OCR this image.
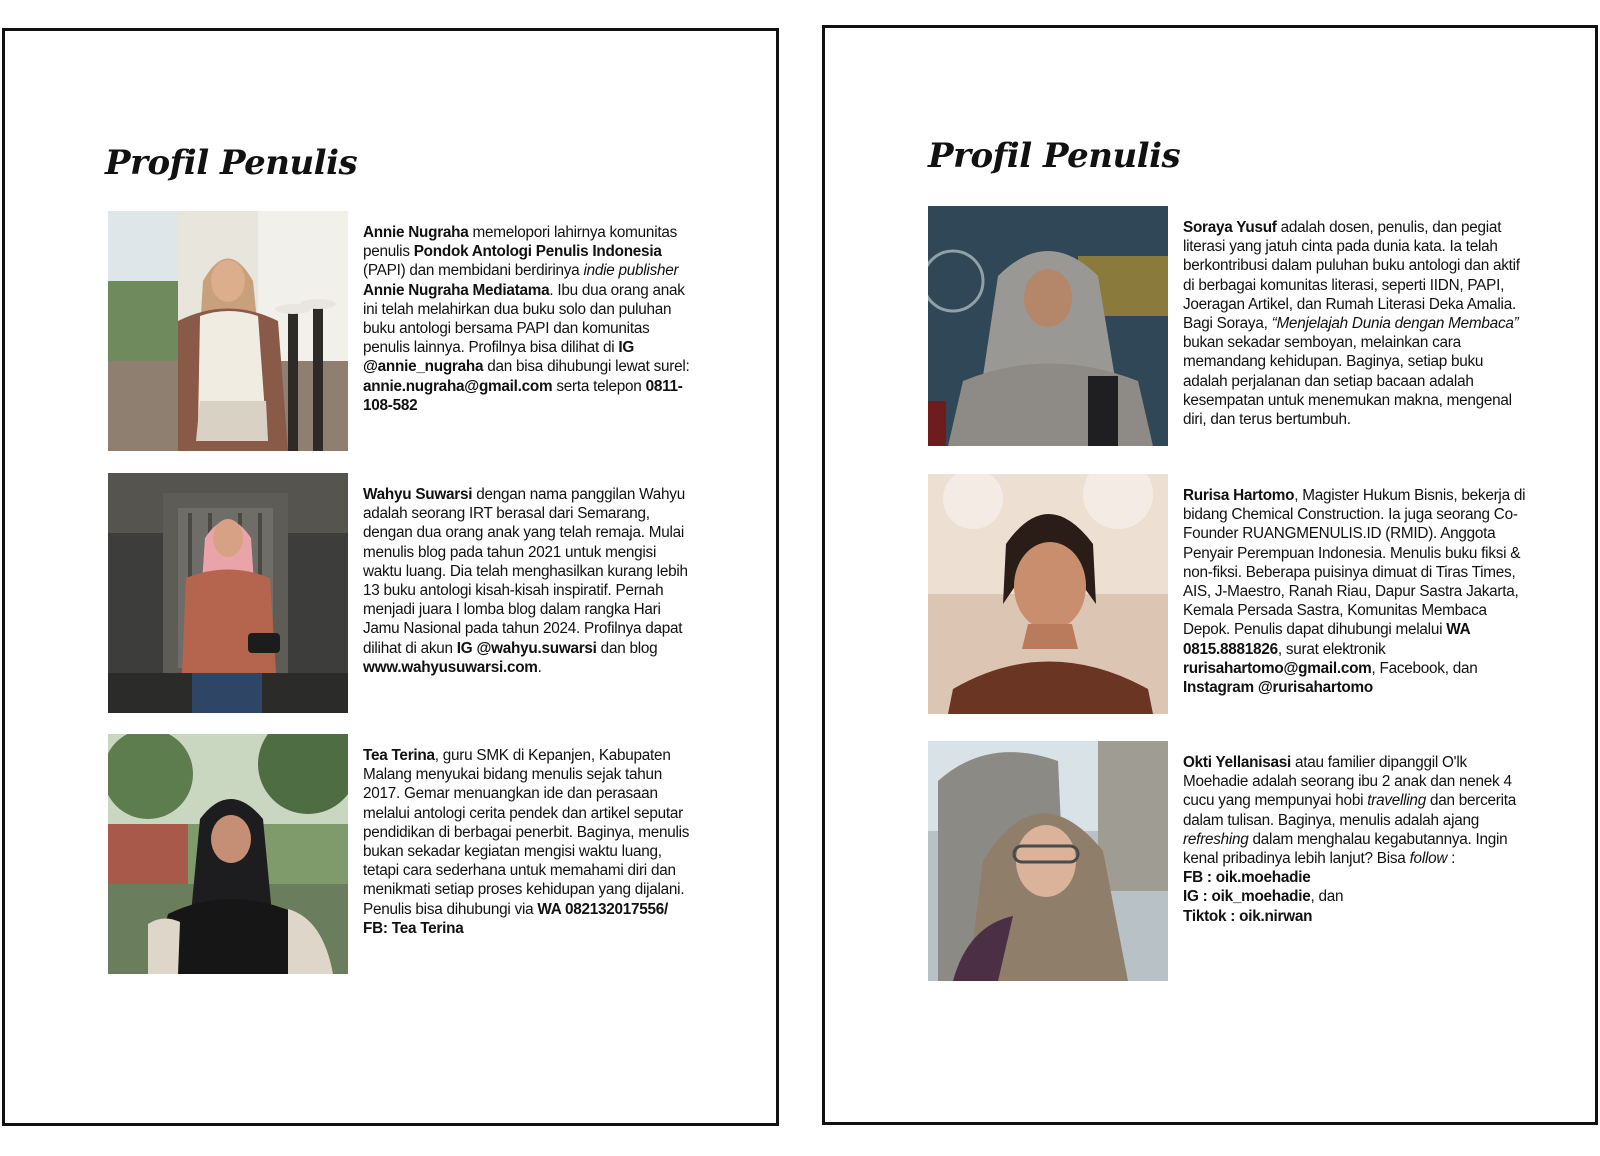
Profil Penulis

Annie Nugraha memelopori lahirnya komunitas penulis Pondok Antologi Penulis Indonesia (PAPI) dan membidani berdirinya indie publisher Annie Nugraha Mediatama. Ibu dua orang anak ini telah melahirkan dua buku solo dan puluhan buku antologi bersama PAPI dan komunitas penulis lainnya. Profilnya bisa dilihat di IG @annie_nugraha dan bisa dihubungi lewat surel: annie.nugraha@gmail.com serta telepon 0811-108-582

Wahyu Suwarsi dengan nama panggilan Wahyu adalah seorang IRT berasal dari Semarang, dengan dua orang anak yang telah remaja. Mulai menulis blog pada tahun 2021 untuk mengisi waktu luang. Dia telah menghasilkan kurang lebih 13 buku antologi kisah-kisah inspiratif. Pernah menjadi juara I lomba blog dalam rangka Hari Jamu Nasional pada tahun 2024. Profilnya dapat dilihat di akun IG @wahyu.suwarsi dan blog www.wahyusuwarsi.com.

Tea Terina, guru SMK di Kepanjen, Kabupaten Malang menyukai bidang menulis sejak tahun 2017. Gemar menuangkan ide dan perasaan melalui antologi cerita pendek dan artikel seputar pendidikan di berbagai penerbit. Baginya, menulis bukan sekadar kegiatan mengisi waktu luang, tetapi cara sederhana untuk memahami diri dan menikmati setiap proses kehidupan yang dijalani. Penulis bisa dihubungi via WA 082132017556/
FB: Tea Terina

Profil Penulis

Soraya Yusuf adalah dosen, penulis, dan pegiat literasi yang jatuh cinta pada dunia kata. Ia telah berkontribusi dalam puluhan buku antologi dan aktif di berbagai komunitas literasi, seperti IIDN, PAPI, Joeragan Artikel, dan Rumah Literasi Deka Amalia. Bagi Soraya, “Menjelajah Dunia dengan Membaca” bukan sekadar semboyan, melainkan cara memandang kehidupan. Baginya, setiap buku adalah perjalanan dan setiap bacaan adalah kesempatan untuk menemukan makna, mengenal diri, dan terus bertumbuh.

Rurisa Hartomo, Magister Hukum Bisnis, bekerja di bidang Chemical Construction. Ia juga seorang Co-Founder RUANGMENULIS.ID (RMID). Anggota Penyair Perempuan Indonesia. Menulis buku fiksi & non-fiksi. Beberapa puisinya dimuat di Tiras Times, AIS, J-Maestro, Ranah Riau, Dapur Sastra Jakarta, Kemala Persada Sastra, Komunitas Membaca Depok. Penulis dapat dihubungi melalui WA 0815.8881826, surat elektronik rurisahartomo@gmail.com, Facebook, dan Instagram @rurisahartomo

Okti Yellanisasi atau familier dipanggil O'lk Moehadie adalah seorang ibu 2 anak dan nenek 4 cucu yang mempunyai hobi travelling dan bercerita dalam tulisan. Baginya, menulis adalah ajang refreshing dalam menghalau kegabutannya. Ingin kenal pribadinya lebih lanjut? Bisa follow :
FB : oik.moehadie
IG : oik_moehadie, dan
Tiktok : oik.nirwan
